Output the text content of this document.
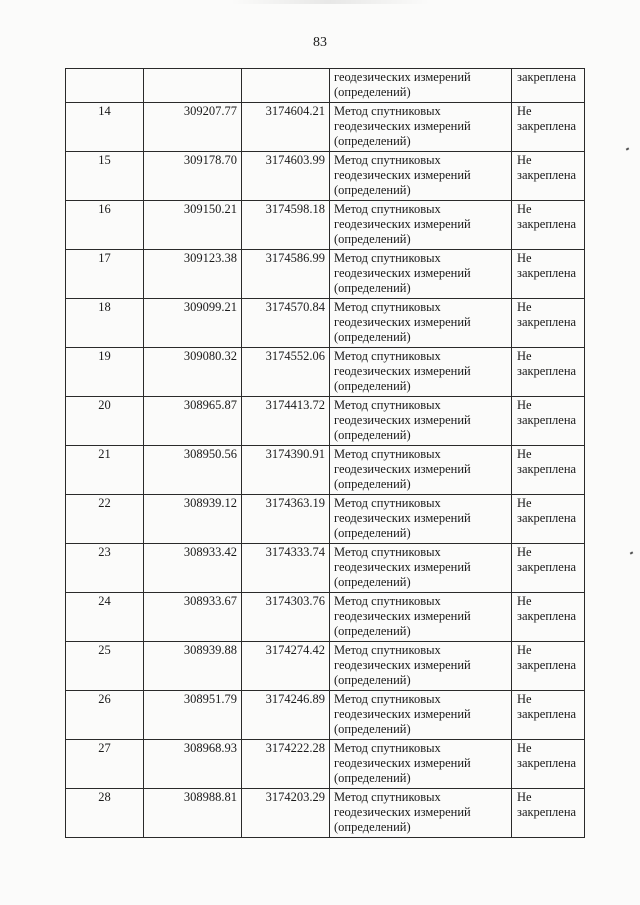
83
			геодезических измерений (определений)	закреплена
14	309207.77	3174604.21	Метод спутниковых геодезических измерений (определений)	Не закреплена
15	309178.70	3174603.99	Метод спутниковых геодезических измерений (определений)	Не закреплена
16	309150.21	3174598.18	Метод спутниковых геодезических измерений (определений)	Не закреплена
17	309123.38	3174586.99	Метод спутниковых геодезических измерений (определений)	Не закреплена
18	309099.21	3174570.84	Метод спутниковых геодезических измерений (определений)	Не закреплена
19	309080.32	3174552.06	Метод спутниковых геодезических измерений (определений)	Не закреплена
20	308965.87	3174413.72	Метод спутниковых геодезических измерений (определений)	Не закреплена
21	308950.56	3174390.91	Метод спутниковых геодезических измерений (определений)	Не закреплена
22	308939.12	3174363.19	Метод спутниковых геодезических измерений (определений)	Не закреплена
23	308933.42	3174333.74	Метод спутниковых геодезических измерений (определений)	Не закреплена
24	308933.67	3174303.76	Метод спутниковых геодезических измерений (определений)	Не закреплена
25	308939.88	3174274.42	Метод спутниковых геодезических измерений (определений)	Не закреплена
26	308951.79	3174246.89	Метод спутниковых геодезических измерений (определений)	Не закреплена
27	308968.93	3174222.28	Метод спутниковых геодезических измерений (определений)	Не закреплена
28	308988.81	3174203.29	Метод спутниковых геодезических измерений (определений)	Не закреплена
